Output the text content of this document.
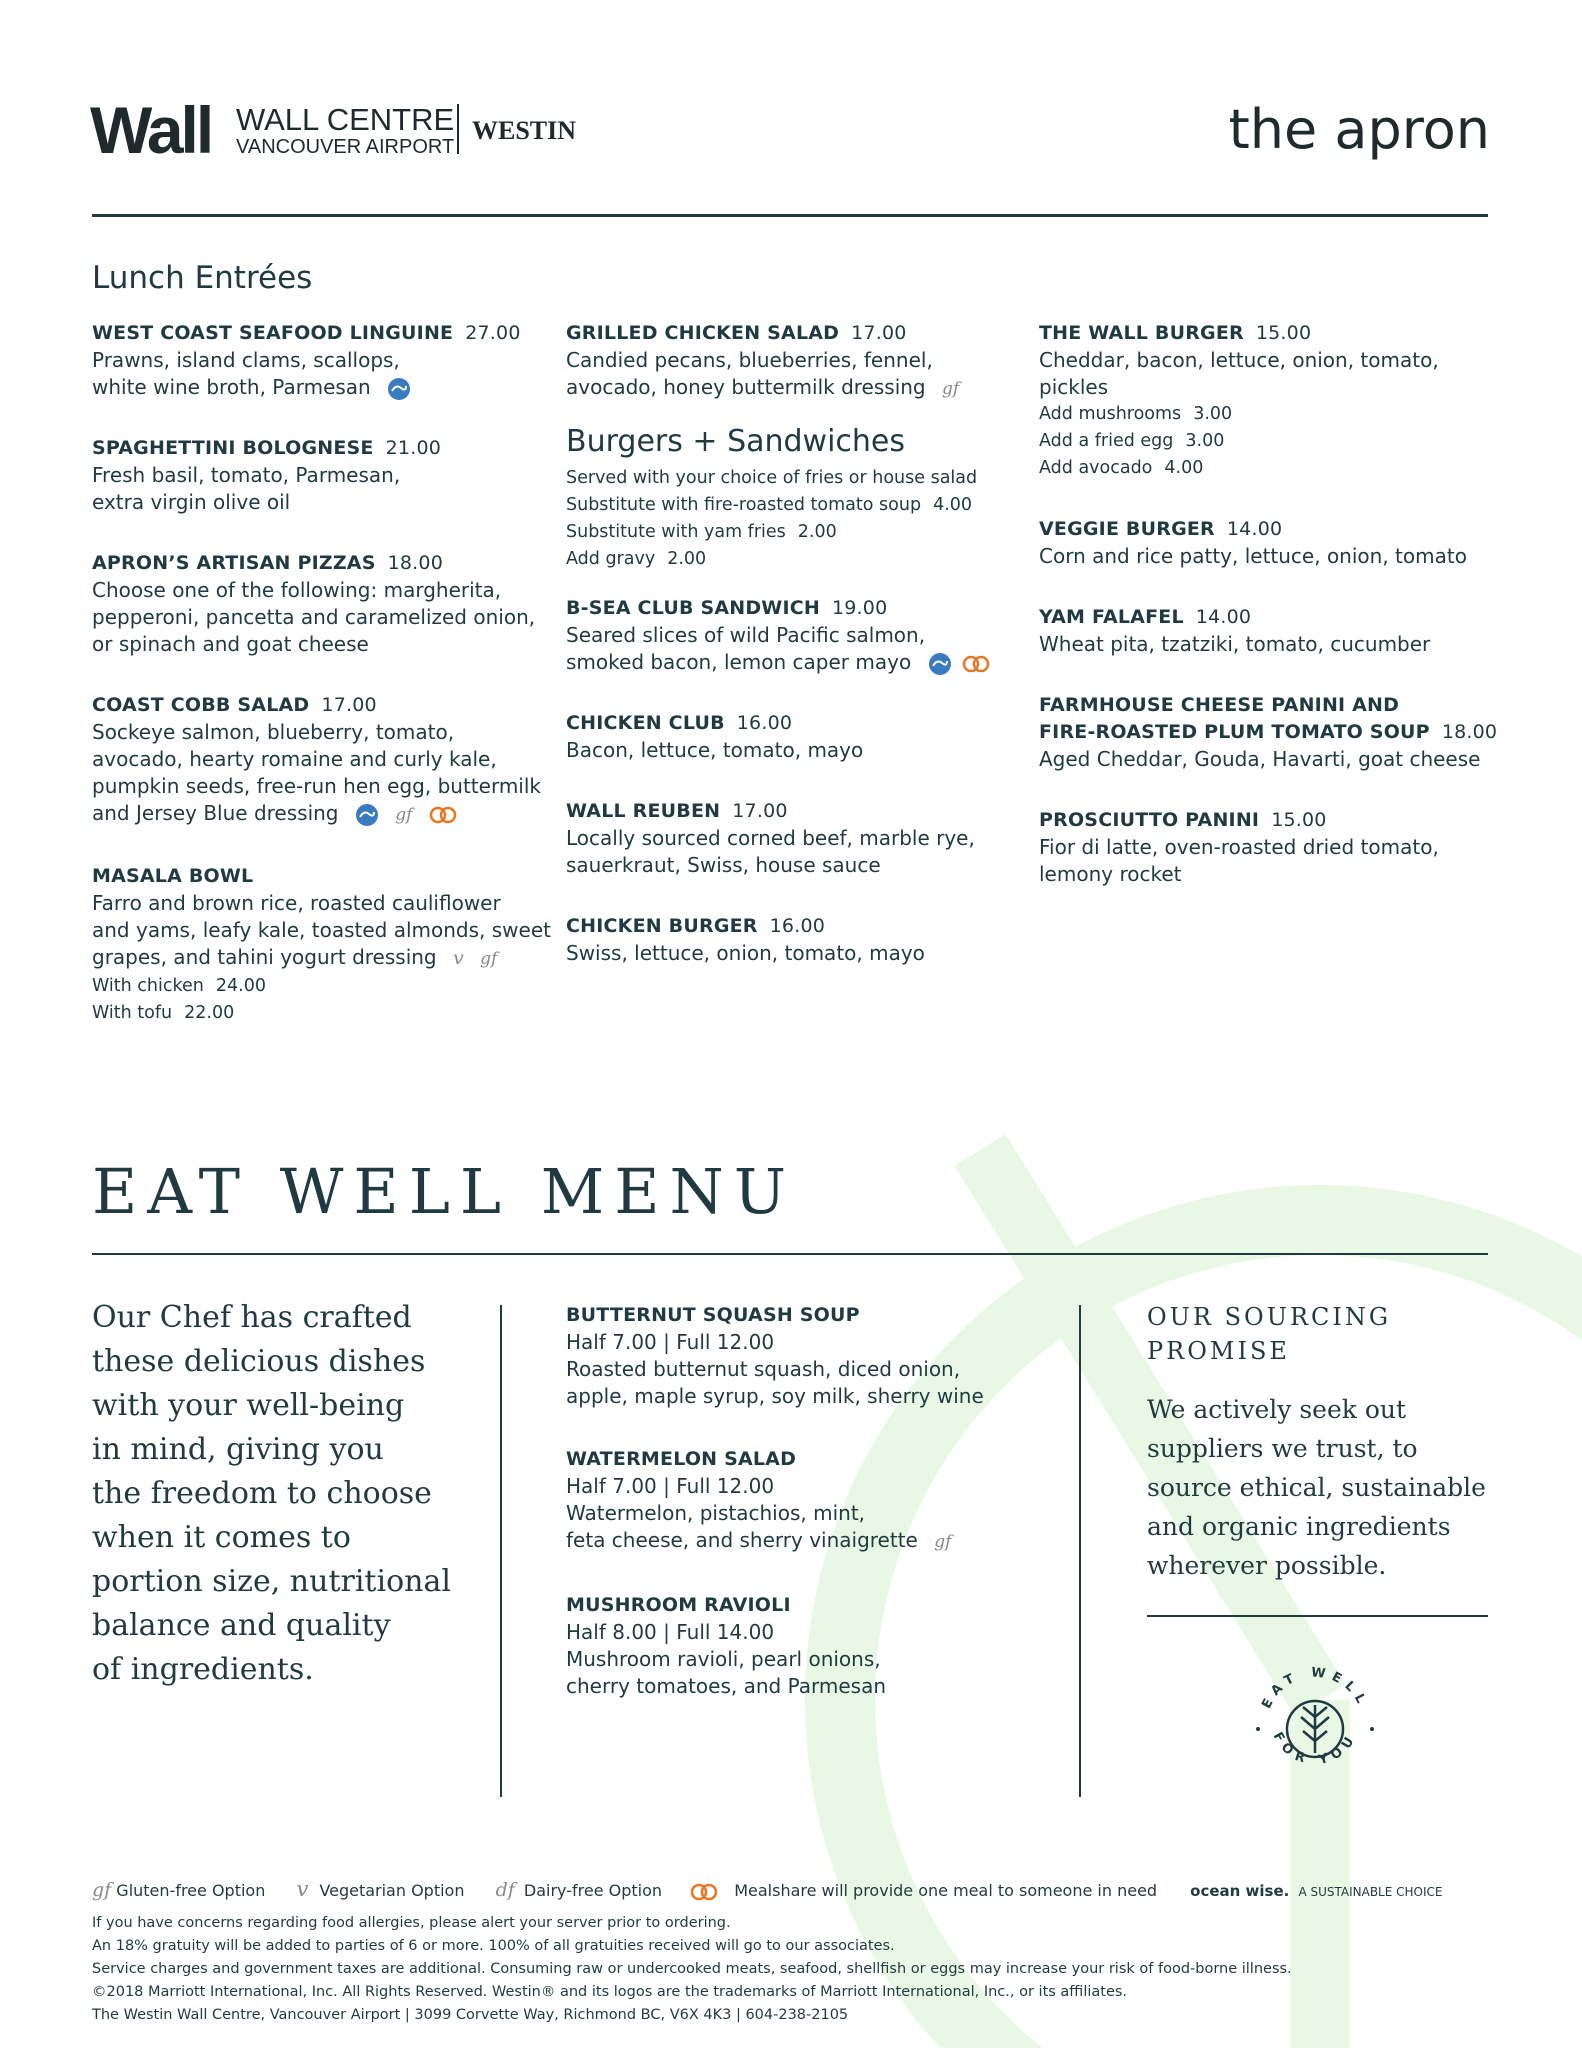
Wall WALL CENTRE
VANCOUVER AIRPORT
WESTIN	the apron
Lunch Entrées
WEST COAST SEAFOOD LINGUINE 27.00
Prawns, island clams, scallops,
white wine broth, Parmesan
SPAGHETTINI BOLOGNESE 21.00
Fresh basil, tomato, Parmesan,
extra virgin olive oil
APRON’S ARTISAN PIZZAS 18.00
Choose one of the following: margherita,
pepperoni, pancetta and caramelized onion,
or spinach and goat cheese
COAST COBB SALAD 17.00
Sockeye salmon, blueberry, tomato,
avocado, hearty romaine and curly kale,
pumpkin seeds, free-run hen egg, buttermilk
and Jersey Blue dressing	gf
MASALA BOWL
Farro and brown rice, roasted cauliflower
and yams, leafy kale, toasted almonds, sweet
grapes, and tahini yogurt dressing v gf
With chicken 24.00
With tofu 22.00
GRILLED CHICKEN SALAD 17.00
Candied pecans, blueberries, fennel,
avocado, honey buttermilk dressing gf
Burgers + Sandwiches
Served with your choice of fries or house salad
Substitute with fire-roasted tomato soup 4.00
Substitute with yam fries 2.00
Add gravy 2.00
B-SEA CLUB SANDWICH 19.00
Seared slices of wild Pacific salmon,
smoked bacon, lemon caper mayo
CHICKEN CLUB 16.00
Bacon, lettuce, tomato, mayo
WALL REUBEN 17.00
Locally sourced corned beef, marble rye,
sauerkraut, Swiss, house sauce
CHICKEN BURGER 16.00
Swiss, lettuce, onion, tomato, mayo
THE WALL BURGER 15.00
Cheddar, bacon, lettuce, onion, tomato, pickles
Add mushrooms 3.00
Add a fried egg 3.00
Add avocado 4.00
VEGGIE BURGER 14.00
Corn and rice patty, lettuce, onion, tomato
YAM FALAFEL 14.00
Wheat pita, tzatziki, tomato, cucumber
FARMHOUSE CHEESE PANINI AND
FIRE-ROASTED PLUM TOMATO SOUP 18.00
Aged Cheddar, Gouda, Havarti, goat cheese
PROSCIUTTO PANINI 15.00
Fior di latte, oven-roasted dried tomato,
lemony rocket
EAT WELL MENU
Our Chef has crafted
these delicious dishes
with your well-being
in mind, giving you
the freedom to choose
when it comes to
portion size, nutritional
balance and quality
of ingredients.
BUTTERNUT SQUASH SOUP
Half 7.00 | Full 12.00
Roasted butternut squash, diced onion,
apple, maple syrup, soy milk, sherry wine
WATERMELON SALAD
Half 7.00 | Full 12.00
Watermelon, pistachios, mint,
feta cheese, and sherry vinaigrette gf
MUSHROOM RAVIOLI
Half 8.00 | Full 14.00
Mushroom ravioli, pearl onions,
cherry tomatoes, and Parmesan
OUR SOURCING
PROMISE
We actively seek out
suppliers we trust, to
source ethical, sustainable
and organic ingredients
wherever possible.
EAT WELL
FOR YOU
gf Gluten-free Option v Vegetarian Option df Dairy-free Option	Mealshare will provide one meal to someone in need ocean wise. A SUSTAINABLE CHOICE
If you have concerns regarding food allergies, please alert your server prior to ordering.
An 18% gratuity will be added to parties of 6 or more. 100% of all gratuities received will go to our associates.
Service charges and government taxes are additional. Consuming raw or undercooked meats, seafood, shellfish or eggs may increase your risk of food-borne illness.
©2018 Marriott International, Inc. All Rights Reserved. Westin® and its logos are the trademarks of Marriott International, Inc., or its affiliates.
The Westin Wall Centre, Vancouver Airport | 3099 Corvette Way, Richmond BC, V6X 4K3 | 604-238-2105
